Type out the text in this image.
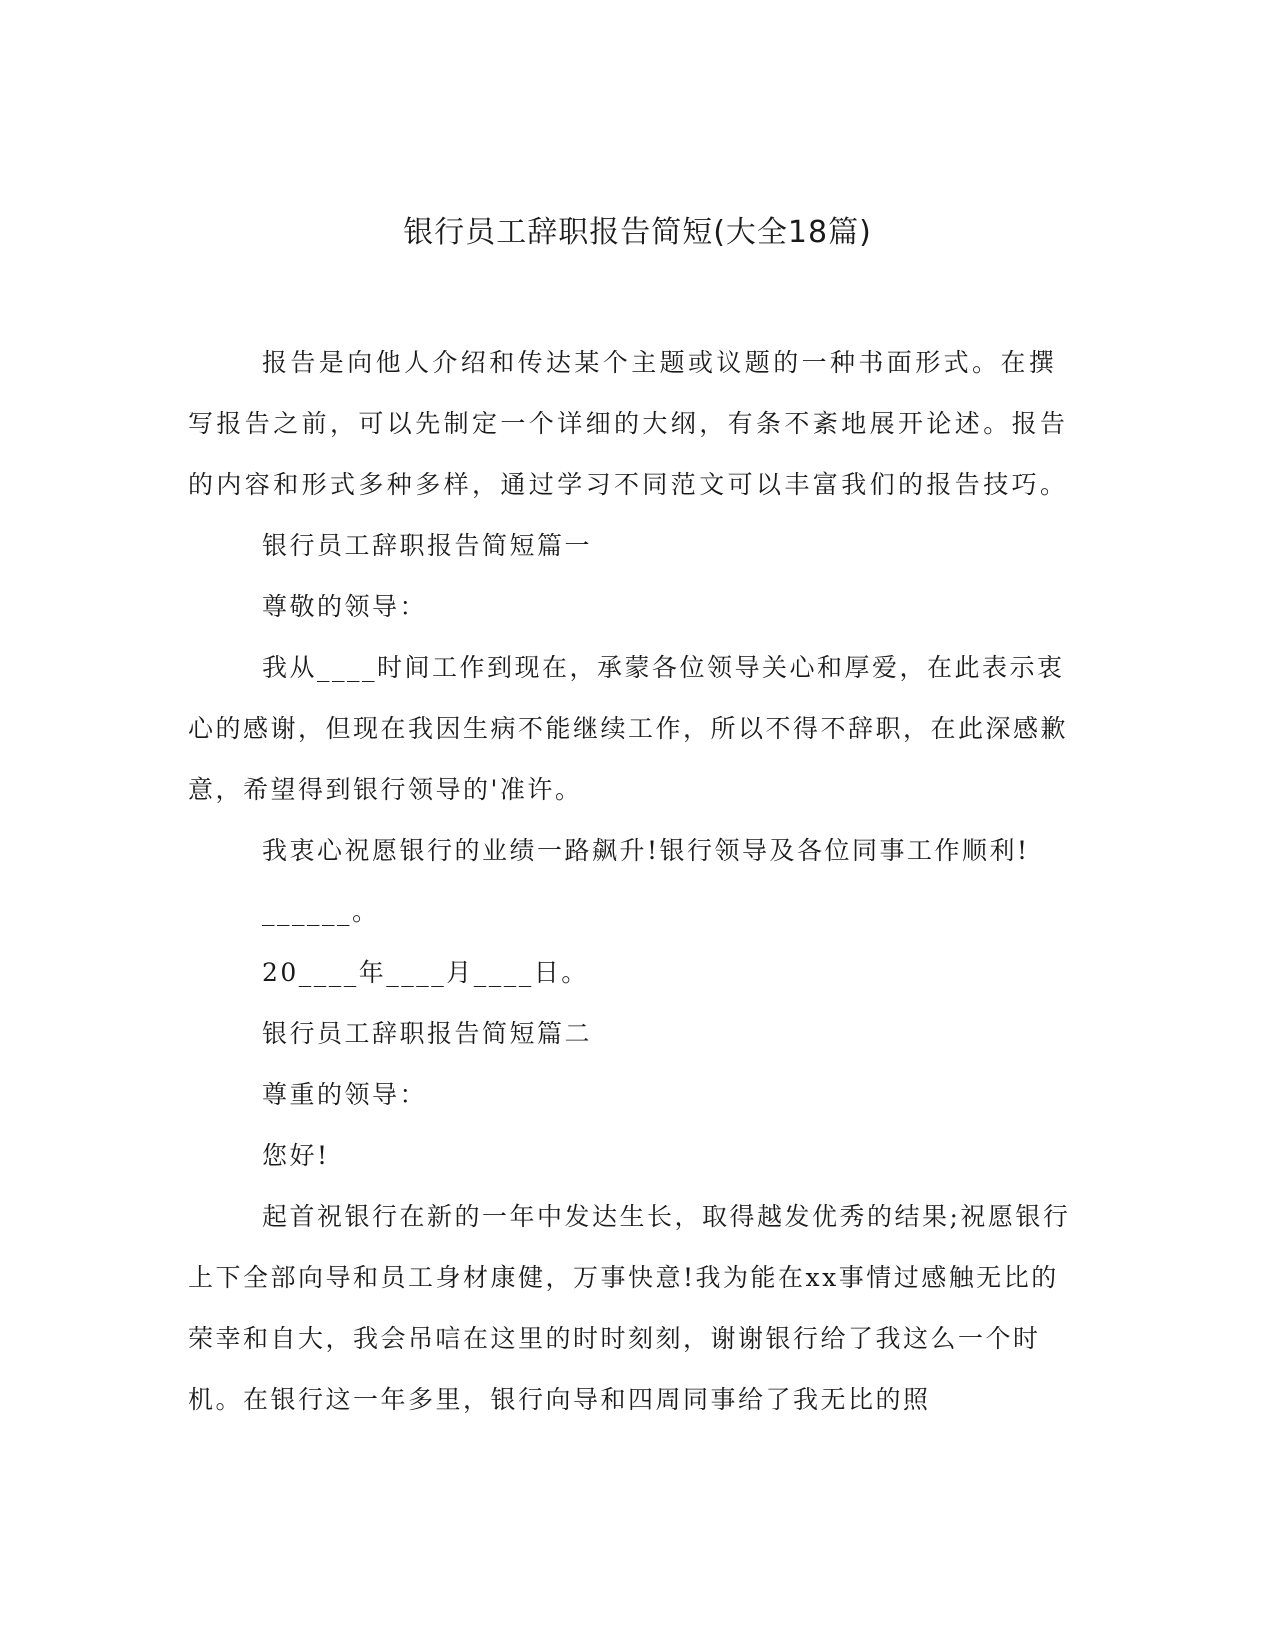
银行员工辞职报告简短(大全18篇)

报告是向他人介绍和传达某个主题或议题的一种书面形式。在撰写报告之前，可以先制定一个详细的大纲，有条不紊地展开论述。报告的内容和形式多种多样，通过学习不同范文可以丰富我们的报告技巧。

银行员工辞职报告简短篇一

尊敬的领导：

我从____时间工作到现在，承蒙各位领导关心和厚爱，在此表示衷心的感谢，但现在我因生病不能继续工作，所以不得不辞职，在此深感歉意，希望得到银行领导的'准许。

我衷心祝愿银行的业绩一路飙升!银行领导及各位同事工作顺利!

______。

20____年____月____日。

银行员工辞职报告简短篇二

尊重的领导：

您好!

起首祝银行在新的一年中发达生长，取得越发优秀的结果;祝愿银行上下全部向导和员工身材康健，万事快意!我为能在xx事情过感触无比的荣幸和自大，我会吊唁在这里的时时刻刻，谢谢银行给了我这么一个时机。在银行这一年多里，银行向导和四周同事给了我无比的照
